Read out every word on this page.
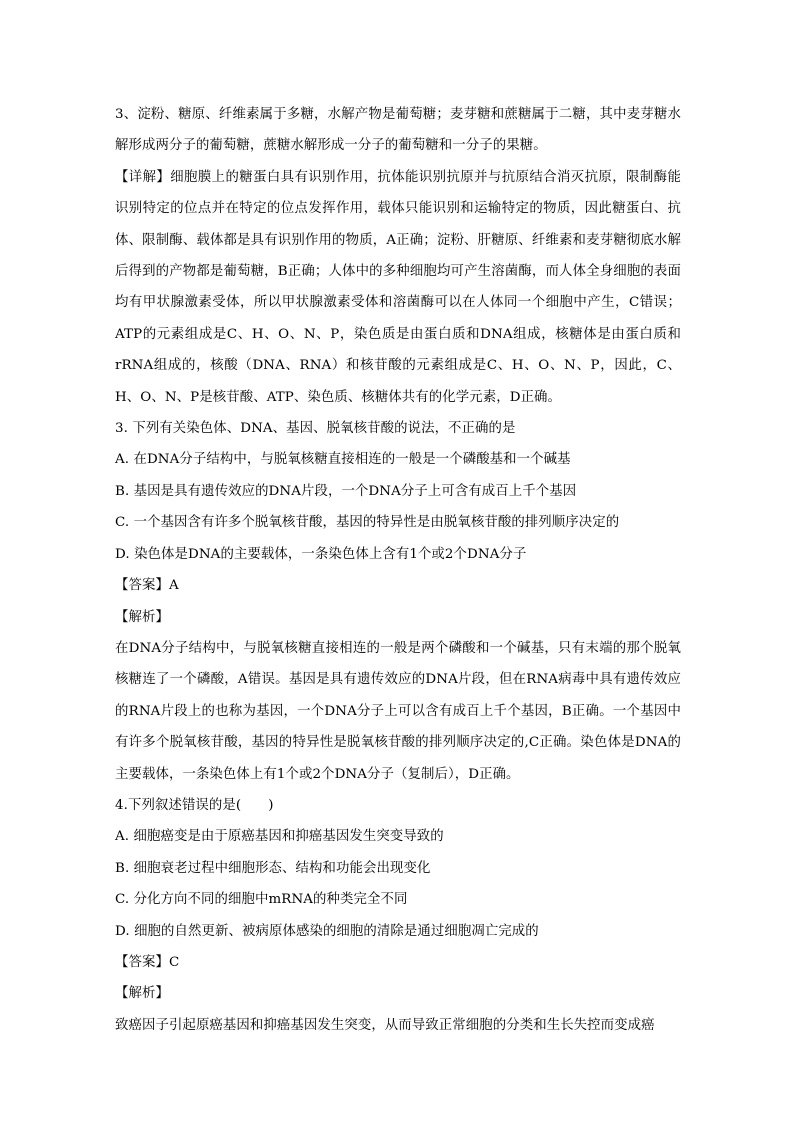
3、淀粉、糖原、纤维素属于多糖，水解产物是葡萄糖；麦芽糖和蔗糖属于二糖，其中麦芽糖水解形成两分子的葡萄糖，蔗糖水解形成一分子的葡萄糖和一分子的果糖。

【详解】细胞膜上的糖蛋白具有识别作用，抗体能识别抗原并与抗原结合消灭抗原，限制酶能识别特定的位点并在特定的位点发挥作用，载体只能识别和运输特定的物质，因此糖蛋白、抗体、限制酶、载体都是具有识别作用的物质，A正确；淀粉、肝糖原、纤维素和麦芽糖彻底水解后得到的产物都是葡萄糖，B正确；人体中的多种细胞均可产生溶菌酶，而人体全身细胞的表面均有甲状腺激素受体，所以甲状腺激素受体和溶菌酶可以在人体同一个细胞中产生，C错误；ATP的元素组成是C、H、O、N、P，染色质是由蛋白质和DNA组成，核糖体是由蛋白质和rRNA组成的，核酸（DNA、RNA）和核苷酸的元素组成是C、H、O、N、P，因此，C、H、O、N、P是核苷酸、ATP、染色质、核糖体共有的化学元素，D正确。

3. 下列有关染色体、DNA、基因、脱氧核苷酸的说法，不正确的是

A. 在DNA分子结构中，与脱氧核糖直接相连的一般是一个磷酸基和一个碱基

B. 基因是具有遗传效应的DNA片段，一个DNA分子上可含有成百上千个基因

C. 一个基因含有许多个脱氧核苷酸，基因的特异性是由脱氧核苷酸的排列顺序决定的

D. 染色体是DNA的主要载体，一条染色体上含有1个或2个DNA分子

【答案】A

【解析】

在DNA分子结构中，与脱氧核糖直接相连的一般是两个磷酸和一个碱基，只有末端的那个脱氧核糖连了一个磷酸，A错误。基因是具有遗传效应的DNA片段，但在RNA病毒中具有遗传效应的RNA片段上的也称为基因，一个DNA分子上可以含有成百上千个基因，B正确。一个基因中有许多个脱氧核苷酸，基因的特异性是脱氧核苷酸的排列顺序决定的,C正确。染色体是DNA的主要载体，一条染色体上有1个或2个DNA分子（复制后），D正确。

4.下列叙述错误的是(　　)

A. 细胞癌变是由于原癌基因和抑癌基因发生突变导致的

B. 细胞衰老过程中细胞形态、结构和功能会出现变化

C. 分化方向不同的细胞中mRNA的种类完全不同

D. 细胞的自然更新、被病原体感染的细胞的清除是通过细胞凋亡完成的

【答案】C

【解析】

致癌因子引起原癌基因和抑癌基因发生突变，从而导致正常细胞的分类和生长失控而变成癌
